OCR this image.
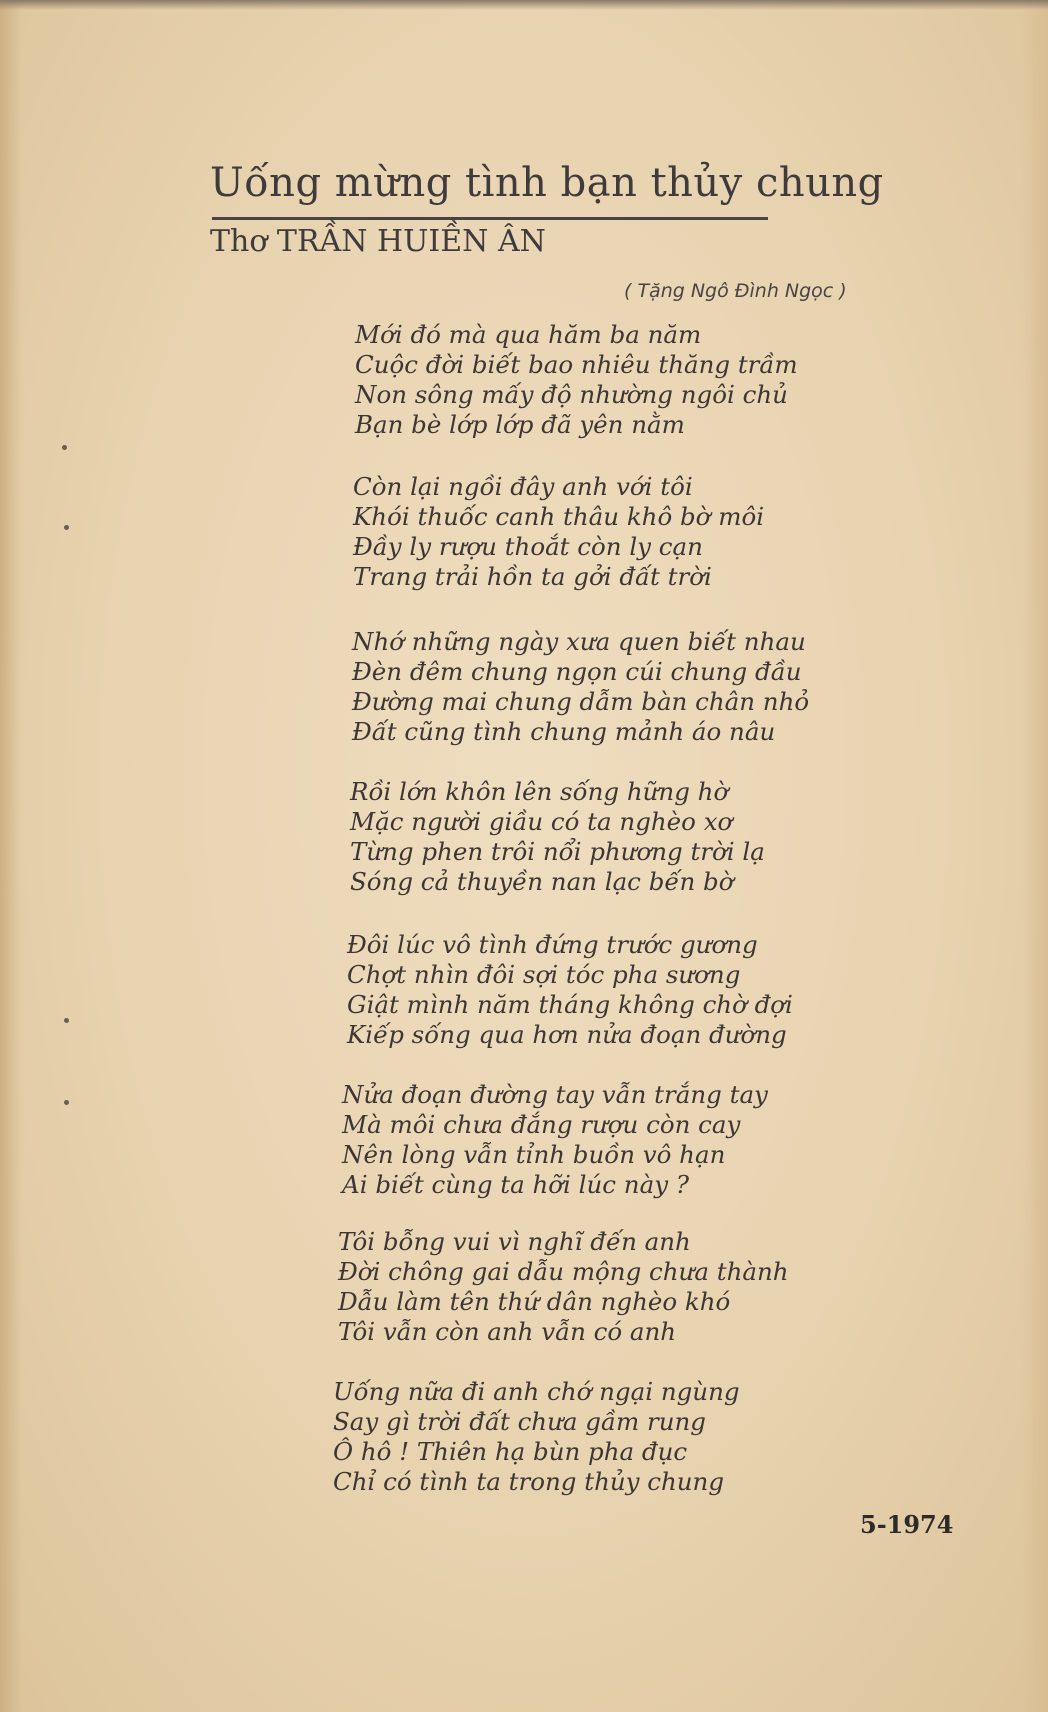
Uống mừng tình bạn thủy chung
Thơ TRẦN HUIỀN ÂN
( Tặng Ngô Đình Ngọc )
Mới đó mà qua hăm ba năm
Cuộc đời biết bao nhiêu thăng trầm
Non sông mấy độ nhường ngôi chủ
Bạn bè lớp lớp đã yên nằm
Còn lại ngồi đây anh với tôi
Khói thuốc canh thâu khô bờ môi
Đầy ly rượu thoắt còn ly cạn
Trang trải hồn ta gởi đất trời
Nhớ những ngày xưa quen biết nhau
Đèn đêm chung ngọn cúi chung đầu
Đường mai chung dẫm bàn chân nhỏ
Đất cũng tình chung mảnh áo nâu
Rồi lớn khôn lên sống hững hờ
Mặc người giầu có ta nghèo xơ
Từng phen trôi nổi phương trời lạ
Sóng cả thuyền nan lạc bến bờ
Đôi lúc vô tình đứng trước gương
Chợt nhìn đôi sợi tóc pha sương
Giật mình năm tháng không chờ đợi
Kiếp sống qua hơn nửa đoạn đường
Nửa đoạn đường tay vẫn trắng tay
Mà môi chưa đắng rượu còn cay
Nên lòng vẫn tỉnh buồn vô hạn
Ai biết cùng ta hỡi lúc này ?
Tôi bỗng vui vì nghĩ đến anh
Đời chông gai dẫu mộng chưa thành
Dẫu làm tên thứ dân nghèo khó
Tôi vẫn còn anh vẫn có anh
Uống nữa đi anh chớ ngại ngùng
Say gì trời đất chưa gầm rung
Ô hô ! Thiên hạ bùn pha đục
Chỉ có tình ta trong thủy chung
5-1974
